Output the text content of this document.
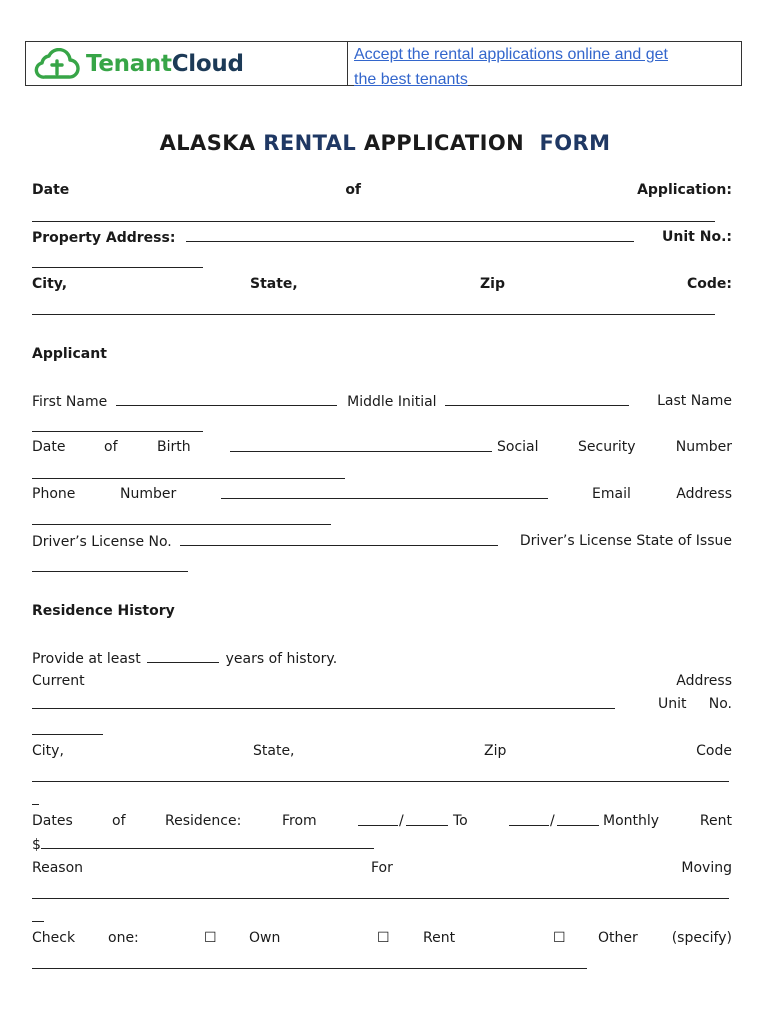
TenantCloud	Accept the rental applications online and get
the best tenants
ALASKA RENTAL APPLICATION FORM
Date	of	Application:
Property Address:	Unit No.:
City,	State,	Zip	Code:
Applicant
First Name	Middle Initial	Last Name
Date	of	Birth	Social	Security	Number
Phone	Number	Email	Address
Driver’s License No.	Driver’s License State of Issue
Residence History
Provide at least	years of history.
Current	Address
Unit No.
City,	State,	Zip	Code
Dates	of	Residence:	From	/	To	/	Monthly	Rent
$
Reason	For	Moving
Check one:	☐ Own	☐ Rent	☐ Other (specify)
